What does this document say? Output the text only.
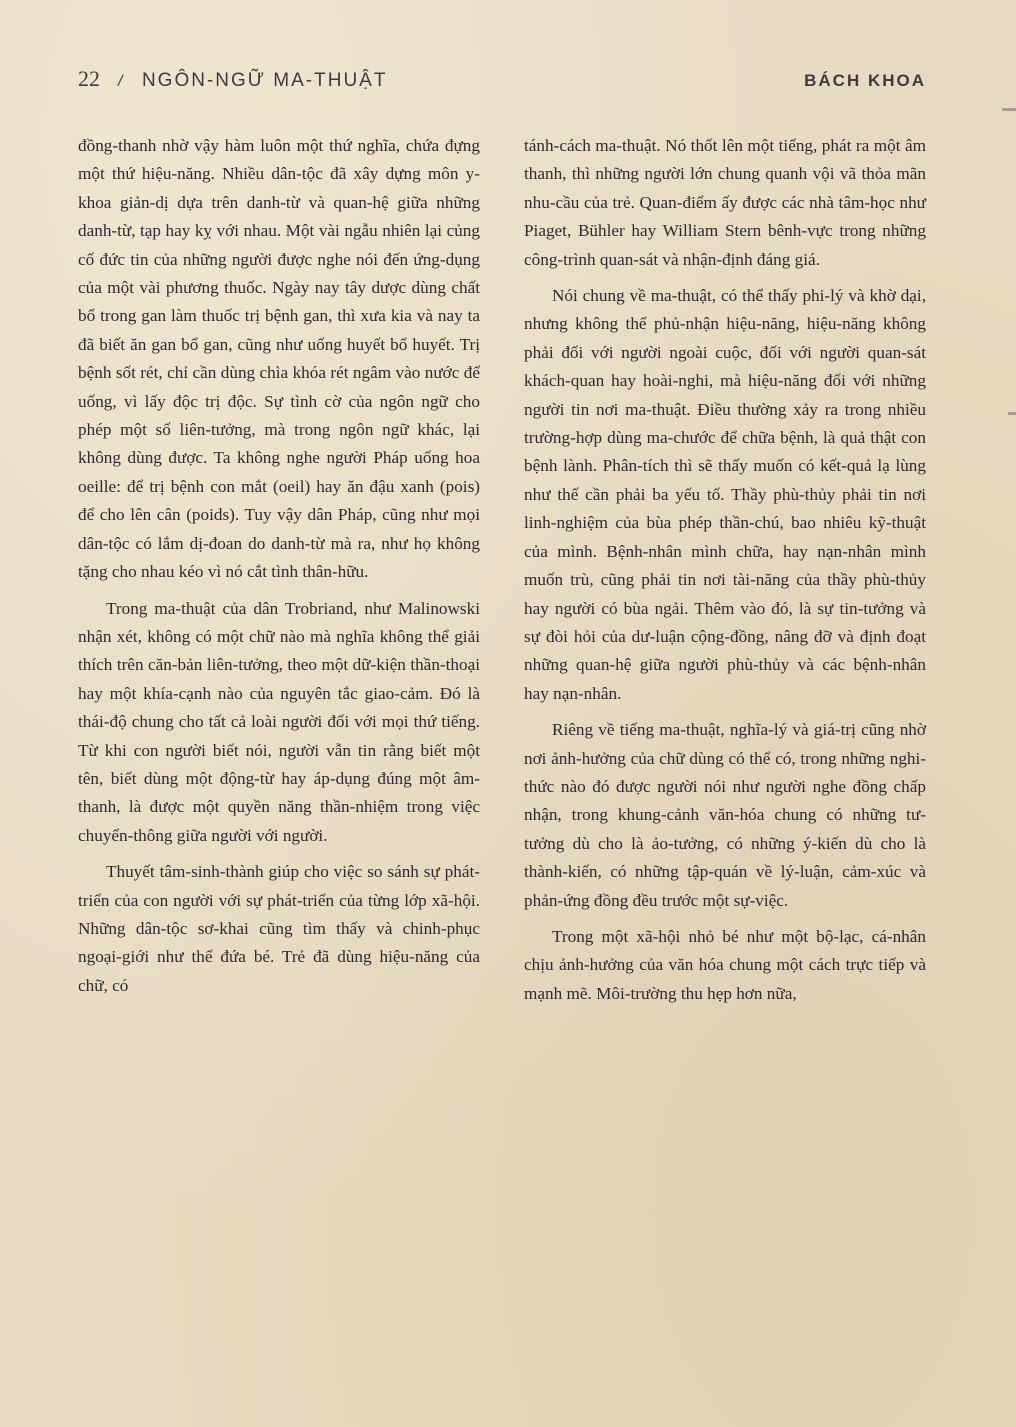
22 / NGÔN-NGỮ MA-THUẬT	BÁCH KHOA

đồng-thanh nhờ vậy hàm luôn một thứ nghĩa, chứa đựng một thứ hiệu-năng. Nhiều dân-tộc đã xây dựng môn y-khoa giản-dị dựa trên danh-từ và quan-hệ giữa những danh-từ, tạp hay kỵ với nhau. Một vài ngẫu nhiên lại củng cố đức tin của những người được nghe nói đến ứng-dụng của một vài phương thuốc. Ngày nay tây dược dùng chất bổ trong gan làm thuốc trị bệnh gan, thì xưa kia và nay ta đã biết ăn gan bổ gan, cũng như uống huyết bổ huyết. Trị bệnh sốt rét, chỉ cần dùng chìa khóa rét ngâm vào nước để uống, vì lấy độc trị độc. Sự tình cờ của ngôn ngữ cho phép một số liên-tưởng, mà trong ngôn ngữ khác, lại không dùng được. Ta không nghe người Pháp uống hoa oeille: để trị bệnh con mắt (oeil) hay ăn đậu xanh (pois) để cho lên cân (poids). Tuy vậy dân Pháp, cũng như mọi dân-tộc có lắm dị-đoan do danh-từ mà ra, như họ không tặng cho nhau kéo vì nó cắt tình thân-hữu.

Trong ma-thuật của dân Trobriand, như Malinowski nhận xét, không có một chữ nào mà nghĩa không thể giải thích trên căn-bản liên-tưởng, theo một dữ-kiện thần-thoại hay một khía-cạnh nào của nguyên tắc giao-cảm. Đó là thái-độ chung cho tất cả loài người đối với mọi thứ tiếng. Từ khi con người biết nói, người vẫn tin rằng biết một tên, biết dùng một động-từ hay áp-dụng đúng một âm-thanh, là được một quyền năng thần-nhiệm trong việc chuyển-thông giữa người với người.

Thuyết tâm-sinh-thành giúp cho việc so sánh sự phát-triển của con người với sự phát-triển của từng lớp xã-hội. Những dân-tộc sơ-khai cũng tìm thấy và chinh-phục ngoại-giới như thể đứa bé. Trẻ đã dùng hiệu-năng của chữ, có

tánh-cách ma-thuật. Nó thốt lên một tiếng, phát ra một âm thanh, thì những người lớn chung quanh vội vã thỏa mãn nhu-cầu của trẻ. Quan-điểm ấy được các nhà tâm-học như Piaget, Bühler hay William Stern bênh-vực trong những công-trình quan-sát và nhận-định đáng giá.

Nói chung về ma-thuật, có thể thấy phi-lý và khờ dại, nhưng không thể phủ-nhận hiệu-năng, hiệu-năng không phải đối với người ngoài cuộc, đối với người quan-sát khách-quan hay hoài-nghi, mà hiệu-năng đối với những người tin nơi ma-thuật. Điều thường xảy ra trong nhiều trường-hợp dùng ma-chước để chữa bệnh, là quả thật con bệnh lành. Phân-tích thì sẽ thấy muốn có kết-quả lạ lùng như thế cần phải ba yếu tố. Thầy phù-thủy phải tin nơi linh-nghiệm của bùa phép thần-chú, bao nhiêu kỹ-thuật của mình. Bệnh-nhân mình chữa, hay nạn-nhân mình muốn trù, cũng phải tin nơi tài-năng của thầy phù-thủy hay người có bùa ngải. Thêm vào đó, là sự tin-tưởng và sự đòi hỏi của dư-luận cộng-đồng, nâng đỡ và định đoạt những quan-hệ giữa người phù-thủy và các bệnh-nhân hay nạn-nhân.

Riêng về tiếng ma-thuật, nghĩa-lý và giá-trị cũng nhờ nơi ảnh-hưởng của chữ dùng có thể có, trong những nghi-thức nào đó được người nói như người nghe đồng chấp nhận, trong khung-cảnh văn-hóa chung có những tư-tưởng dù cho là ảo-tưởng, có những ý-kiến dù cho là thành-kiến, có những tập-quán về lý-luận, cảm-xúc và phản-ứng đồng đều trước một sự-việc.

Trong một xã-hội nhỏ bé như một bộ-lạc, cá-nhân chịu ảnh-hưởng của văn hóa chung một cách trực tiếp và mạnh mẽ. Môi-trường thu hẹp hơn nữa,
